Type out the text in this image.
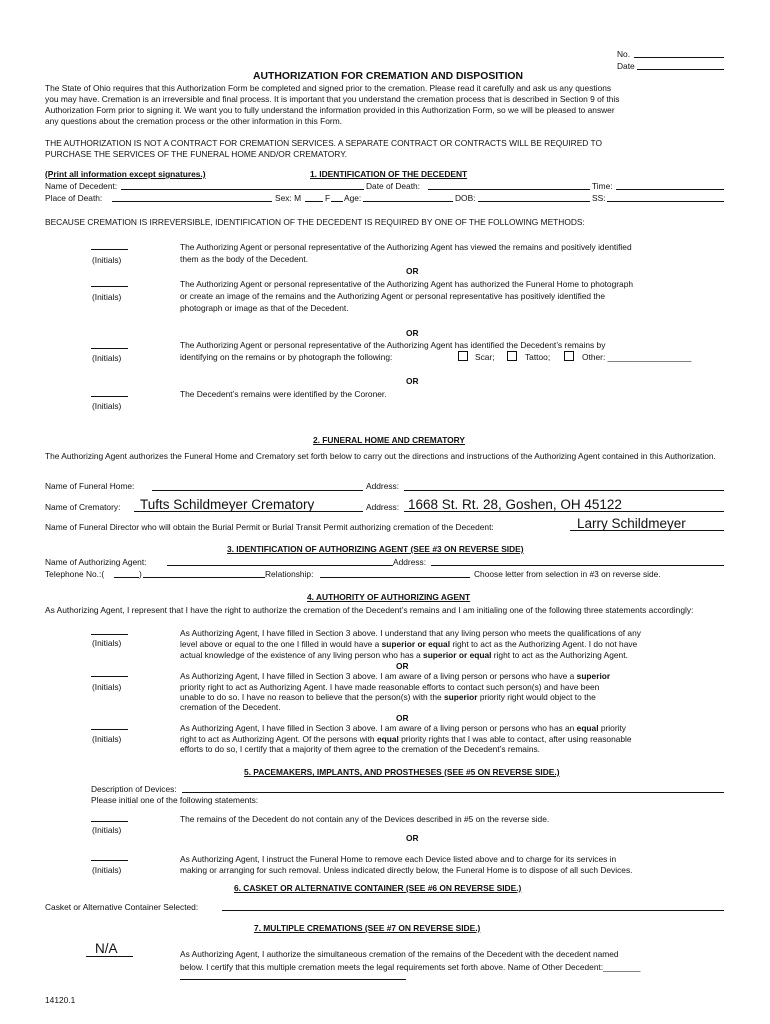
No.
Date
AUTHORIZATION FOR CREMATION AND DISPOSITION
The State of Ohio requires that this Authorization Form be completed and signed prior to the cremation. Please read it carefully and ask us any questions
you may have. Cremation is an irreversible and final process. It is important that you understand the cremation process that is described in Section 9 of this
Authorization Form prior to signing it. We want you to fully understand the information provided in this Authorization Form, so we will be pleased to answer
any questions about the cremation process or the other information in this Form.
THE AUTHORIZATION IS NOT A CONTRACT FOR CREMATION SERVICES. A SEPARATE CONTRACT OR CONTRACTS WILL BE REQUIRED TO
PURCHASE THE SERVICES OF THE FUNERAL HOME AND/OR CREMATORY.
(Print all information except signatures.)	1. IDENTIFICATION OF THE DECEDENT
Name of Decedent:	Date of Death:	Time:
Place of Death:	Sex: M	F Age:	DOB:	SS:
BECAUSE CREMATION IS IRREVERSIBLE, IDENTIFICATION OF THE DECEDENT IS REQUIRED BY ONE OF THE FOLLOWING METHODS:
(Initials)
The Authorizing Agent or personal representative of the Authorizing Agent has viewed the remains and positively identified
them as the body of the Decedent.
OR
(Initials)
The Authorizing Agent or personal representative of the Authorizing Agent has authorized the Funeral Home to photograph
or create an image of the remains and the Authorizing Agent or personal representative has positively identified the
photograph or image as that of the Decedent.
OR
(Initials)
The Authorizing Agent or personal representative of the Authorizing Agent has identified the Decedent’s remains by
identifying on the remains or by photograph the following:	Scar;	Tattoo;	Other: __________________
OR
(Initials)
The Decedent’s remains were identified by the Coroner.
2. FUNERAL HOME AND CREMATORY
The Authorizing Agent authorizes the Funeral Home and Crematory set forth below to carry out the directions and instructions of the Authorizing Agent contained in this Authorization.
Name of Funeral Home:	Address:
Name of Crematory: Tufts Schildmeyer Crematory	Address: 1668 St. Rt. 28, Goshen, OH 45122
Name of Funeral Director who will obtain the Burial Permit or Burial Transit Permit authorizing cremation of the Decedent:	Larry Schildmeyer
3. IDENTIFICATION OF AUTHORIZING AGENT (SEE #3 ON REVERSE SIDE)
Name of Authorizing Agent:	Address:
Telephone No.:(	)	Relationship:	Choose letter from selection in #3 on reverse side.
4. AUTHORITY OF AUTHORIZING AGENT
As Authorizing Agent, I represent that I have the right to authorize the cremation of the Decedent’s remains and I am initialing one of the following three statements accordingly:
(Initials)
As Authorizing Agent, I have filled in Section 3 above. I understand that any living person who meets the qualifications of any
level above or equal to the one I filled in would have a superior or equal right to act as the Authorizing Agent. I do not have
actual knowledge of the existence of any living person who has a superior or equal right to act as the Authorizing Agent.
OR
(Initials)
As Authorizing Agent, I have filled in Section 3 above. I am aware of a living person or persons who have a superior
priority right to act as Authorizing Agent. I have made reasonable efforts to contact such person(s) and have been
unable to do so. I have no reason to believe that the person(s) with the superior priority right would object to the
cremation of the Decedent.
OR
(Initials)
As Authorizing Agent, I have filled in Section 3 above. I am aware of a living person or persons who has an equal priority
right to act as Authorizing Agent. Of the persons with equal priority rights that I was able to contact, after using reasonable
efforts to do so, I certify that a majority of them agree to the cremation of the Decedent’s remains.
5. PACEMAKERS, IMPLANTS, AND PROSTHESES (SEE #5 ON REVERSE SIDE.)
Description of Devices:
Please initial one of the following statements:
(Initials)
The remains of the Decedent do not contain any of the Devices described in #5 on the reverse side.
OR
(Initials)
As Authorizing Agent, I instruct the Funeral Home to remove each Device listed above and to charge for its services in
making or arranging for such removal. Unless indicated directly below, the Funeral Home is to dispose of all such Devices.
6. CASKET OR ALTERNATIVE CONTAINER (SEE #6 ON REVERSE SIDE.)
Casket or Alternative Container Selected:
7. MULTIPLE CREMATIONS (SEE #7 ON REVERSE SIDE.)
N/A	As Authorizing Agent, I authorize the simultaneous cremation of the remains of the Decedent with the decedent named
below. I certify that this multiple cremation meets the legal requirements set forth above. Name of Other Decedent:________
14120.1
